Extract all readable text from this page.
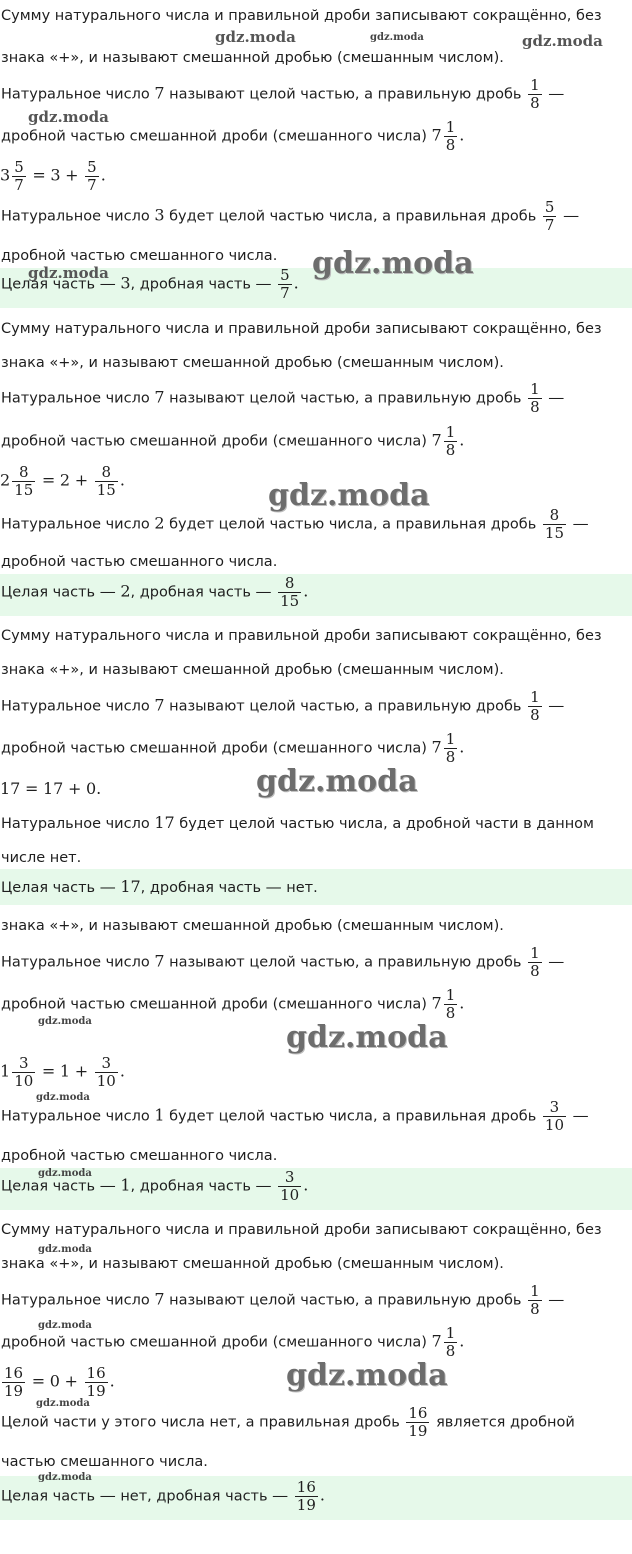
Сумму натурального числа и правильной дроби записывают сокращённо, без
знака «+», и называют смешанной дробью (смешанным числом).
Натуральное число 7 называют целой частью, а правильную дробь $\frac{1}{8}$ —
дробной частью смешанной дроби (смешанного числа) $7 \frac{1}{8}$ .
$3 \frac{5}{7} = 3 + \frac{5}{7}$ .
Натуральное число 3 будет целой частью числа, а правильная дробь $\frac{5}{7}$ —
дробной частью смешанного числа.
Целая часть — 3, дробная часть — $\frac{5}{7}$ .
Сумму натурального числа и правильной дроби записывают сокращённо, без
знака «+», и называют смешанной дробью (смешанным числом).
Натуральное число 7 называют целой частью, а правильную дробь $\frac{1}{8}$ —
дробной частью смешанной дроби (смешанного числа) $7 \frac{1}{8}$ .
$2 \frac{8}{15} = 2 + \frac{8}{15}$ .
Натуральное число 2 будет целой частью числа, а правильная дробь $\frac{8}{15}$ —
дробной частью смешанного числа.
Целая часть — 2, дробная часть — $\frac{8}{15}$ .
Сумму натурального числа и правильной дроби записывают сокращённо, без
знака «+», и называют смешанной дробью (смешанным числом).
Натуральное число 7 называют целой частью, а правильную дробь $\frac{1}{8}$ —
дробной частью смешанной дроби (смешанного числа) $7 \frac{1}{8}$ .
17 = 17 + 0.
Натуральное число 17 будет целой частью числа, а дробной части в данном
числе нет.
Целая часть — 17, дробная часть — нет.
знака «+», и называют смешанной дробью (смешанным числом).
Натуральное число 7 называют целой частью, а правильную дробь $\frac{1}{8}$ —
дробной частью смешанной дроби (смешанного числа) $7 \frac{1}{8}$ .
$1 \frac{3}{10} = 1 + \frac{3}{10}$ .
Натуральное число 1 будет целой частью числа, а правильная дробь $\frac{3}{10}$ —
дробной частью смешанного числа.
Целая часть — 1, дробная часть — $\frac{3}{10}$ .
Сумму натурального числа и правильной дроби записывают сокращённо, без
знака «+», и называют смешанной дробью (смешанным числом).
Натуральное число 7 называют целой частью, а правильную дробь $\frac{1}{8}$ —
дробной частью смешанной дроби (смешанного числа) $7 \frac{1}{8}$ .
$\frac{16}{19} = 0 + \frac{16}{19}$ .
Целой части у этого числа нет, а правильная дробь $\frac{16}{19}$ является дробной
частью смешанного числа.
Целая часть — нет, дробная часть — $\frac{16}{19}$ .
gdz.moda	gdz.moda	gdz.moda
gdz.moda
gdz.moda
gdz.moda
gdz.moda
gdz.moda
gdz.moda	gdz.moda
gdz.moda
gdz.moda
gdz.moda
gdz.moda
gdz.moda
gdz.moda
gdz.moda
